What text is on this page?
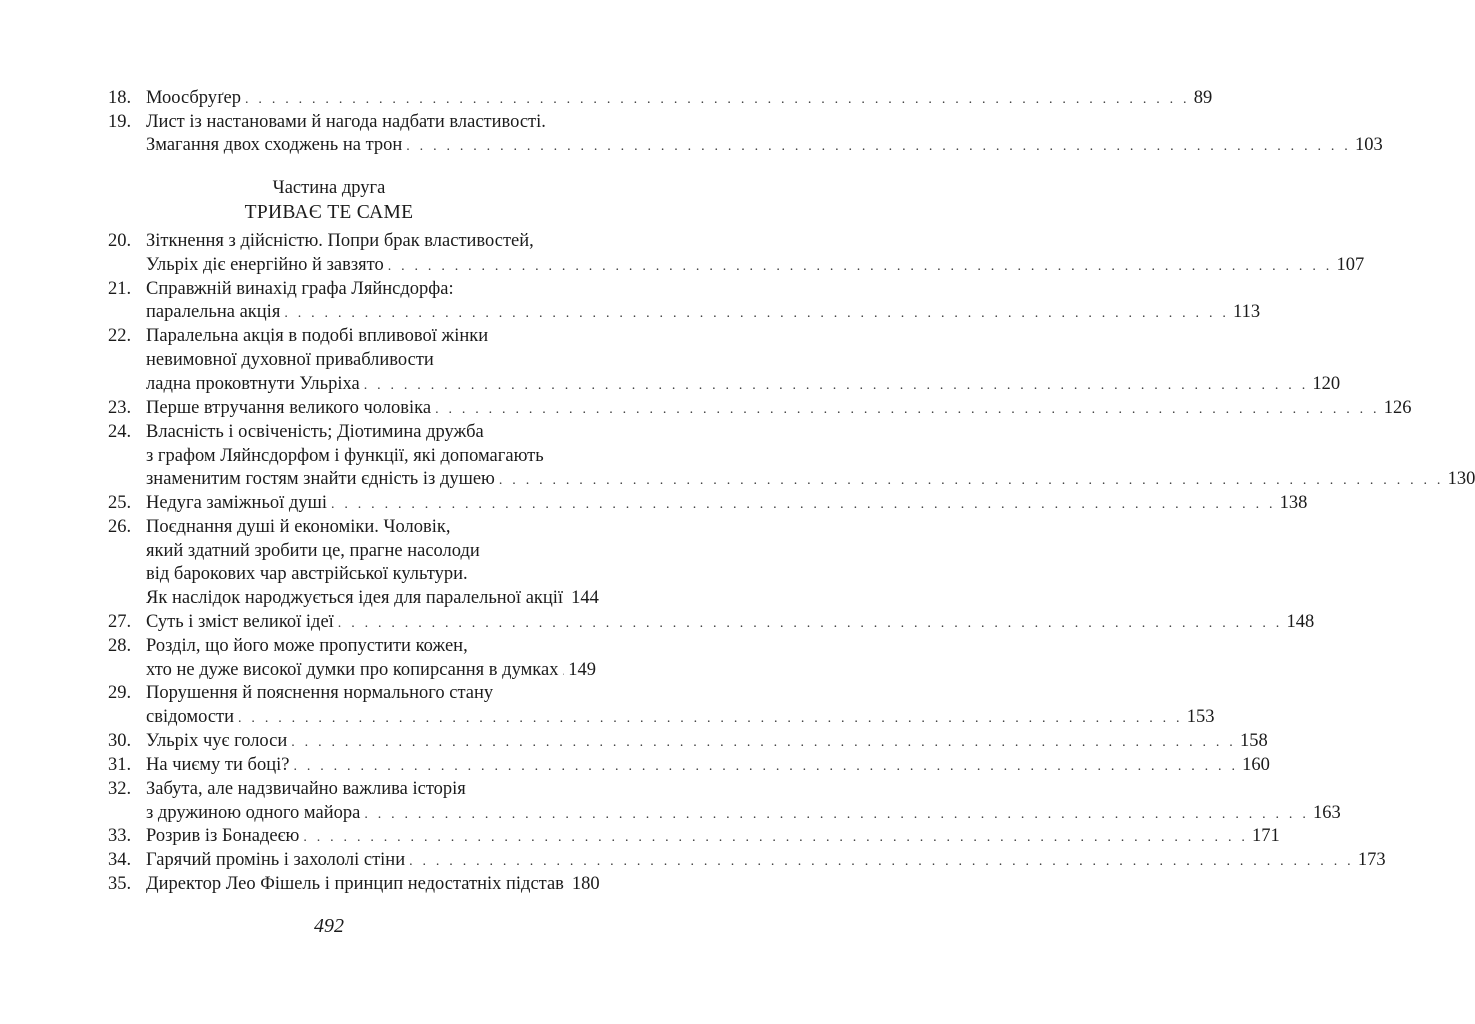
18. Моосбруґер . . .	89
19. Лист із настановами й нагода надбати властивості.
Змагання двох сходжень на трон . . .	103
Частина друга
ТРИВАЄ ТЕ САМЕ
20. Зіткнення з дійсністю. Попри брак властивостей,
Ульріх діє енергійно й завзято . . .	107
21. Справжній винахід графа Ляйнсдорфа:
паралельна акція . . .	113
22. Паралельна акція в подобі впливової жінки
невимовної духовної привабливости
ладна проковтнути Ульріха . . .	120
23. Перше втручання великого чоловіка . . .	126
24. Власність і освіченість; Діотимина дружба
з графом Ляйнсдорфом і функції, які допомагають
знаменитим гостям знайти єдність із душею . . .	130
25. Недуга заміжньої душі . . .	138
26. Поєднання душі й економіки. Чоловік,
який здатний зробити це, прагне насолоди
від барокових чар австрійської культури.
Як наслідок народжується ідея для паралельної акції 144
27. Суть і зміст великої ідеї . . .	148
28. Розділ, що його може пропустити кожен,
хто не дуже високої думки про копирсання в думках . . . 149
29. Порушення й пояснення нормального стану
свідомости . . .	153
30. Ульріх чує голоси . . .	158
31. На чиєму ти боці? . . .	160
32. Забута, але надзвичайно важлива історія
з дружиною одного майора . . .	163
33. Розрив із Бонадеєю . . .	171
34. Гарячий промінь і захололі стіни . . .	173
35. Директор Лео Фішель і принцип недостатніх підстав 180
492
